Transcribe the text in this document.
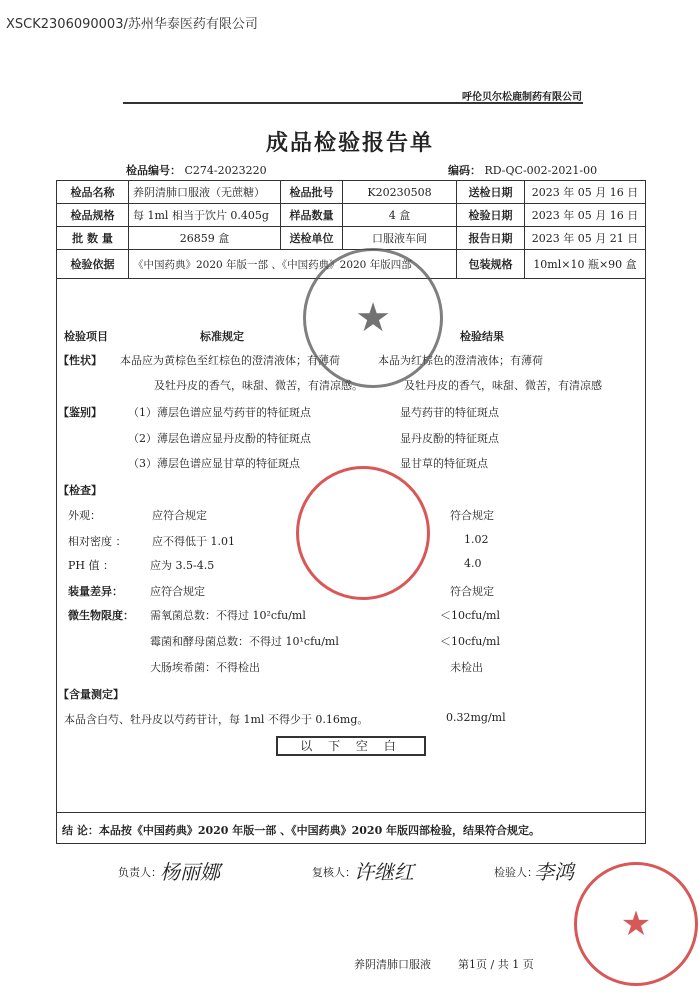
XSCK2306090003/苏州华泰医药有限公司
呼伦贝尔松鹿制药有限公司
成品检验报告单
检品编号： C274-2023220	编码： RD-QC-002-2021-00
检品名称	养阴清肺口服液（无蔗糖）	检品批号	K20230508	送检日期	2023 年 05 月 16 日
检品规格	每 1ml 相当于饮片 0.405g	样品数量	4 盒	检验日期	2023 年 05 月 16 日
批 数 量	26859 盒	送检单位	口服液车间	报告日期	2023 年 05 月 21 日
检验依据	《中国药典》2020 年版一部 、《中国药典》2020 年版四部			包装规格	10ml×10 瓶×90 盒
检验项目	标准规定	检验结果
【性状】 本品应为黄棕色至红棕色的澄清液体；有薄荷	本品为红棕色的澄清液体；有薄荷
及牡丹皮的香气，味甜、微苦，有清凉感。	及牡丹皮的香气，味甜、微苦，有清凉感
【鉴别】 （1）薄层色谱应显芍药苷的特征斑点	显芍药苷的特征斑点
（2）薄层色谱应显丹皮酚的特征斑点	显丹皮酚的特征斑点
（3）薄层色谱应显甘草的特征斑点	显甘草的特征斑点
【检查】
外观：	应符合规定	符合规定
相对密度 ： 应不得低于 1.01	1.02
PH 值 ：	应为 3.5-4.5	4.0
装量差异： 应符合规定	符合规定
微生物限度： 需氧菌总数：不得过 10²cfu/ml	＜10cfu/ml
霉菌和酵母菌总数：不得过 10¹cfu/ml	＜10cfu/ml
大肠埃希菌：不得检出	未检出
【含量测定】
本品含白芍、牡丹皮以芍药苷计，每 1ml 不得少于 0.16mg。	0.32mg/ml
以 下 空 白
结 论：本品按《中国药典》2020 年版一部 、《中国药典》2020 年版四部检验，结果符合规定。
负责人：
杨丽娜	复核人：
许继红	检验人：
李鸿
★
★
养阴清肺口服液 第1页 / 共 1 页
